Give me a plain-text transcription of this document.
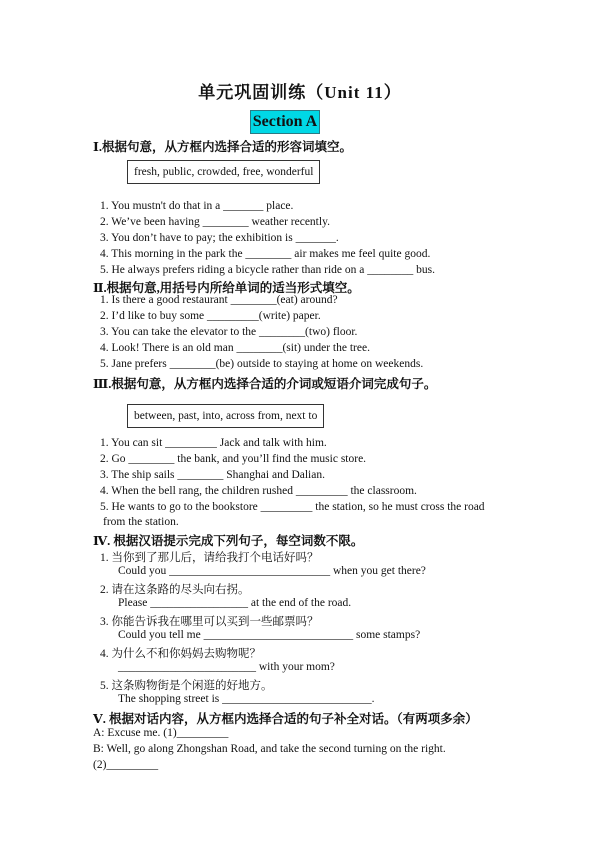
单元巩固训练（Unit 11）
Section A
Ⅰ.根据句意，从方框内选择合适的形容词填空。
fresh, public, crowded, free, wonderful
1. You mustn't do that in a _______ place.
2. We’ve been having ________ weather recently.
3. You don’t have to pay; the exhibition is _______.
4. This morning in the park the ________ air makes me feel quite good.
5. He always prefers riding a bicycle rather than ride on a ________ bus.
Ⅱ.根据句意,用括号内所给单词的适当形式填空。
1. Is there a good restaurant ________(eat) around?
2. I’d like to buy some _________(write) paper.
3. You can take the elevator to the ________(two) floor.
4. Look! There is an old man ________(sit) under the tree.
5. Jane prefers ________(be) outside to staying at home on weekends.
Ⅲ.根据句意，从方框内选择合适的介词或短语介词完成句子。
between, past, into, across from, next to
1. You can sit _________ Jack and talk with him.
2. Go ________ the bank, and you’ll find the music store.
3. The ship sails ________ Shanghai and Dalian.
4. When the bell rang, the children rushed _________ the classroom.
5. He wants to go to the bookstore _________ the station, so he must cross the road
from the station.
Ⅳ. 根据汉语提示完成下列句子，每空词数不限。
1. 当你到了那儿后，请给我打个电话好吗？
Could you ____________________________ when you get there?
2. 请在这条路的尽头向右拐。
Please _________________ at the end of the road.
3. 你能告诉我在哪里可以买到一些邮票吗？
Could you tell me __________________________ some stamps?
4. 为什么不和你妈妈去购物呢？
________________________ with your mom?
5. 这条购物街是个闲逛的好地方。
The shopping street is __________________________.
Ⅴ. 根据对话内容，从方框内选择合适的句子补全对话。（有两项多余）
A: Excuse me. (1)_________
B: Well, go along Zhongshan Road, and take the second turning on the right.
(2)_________
